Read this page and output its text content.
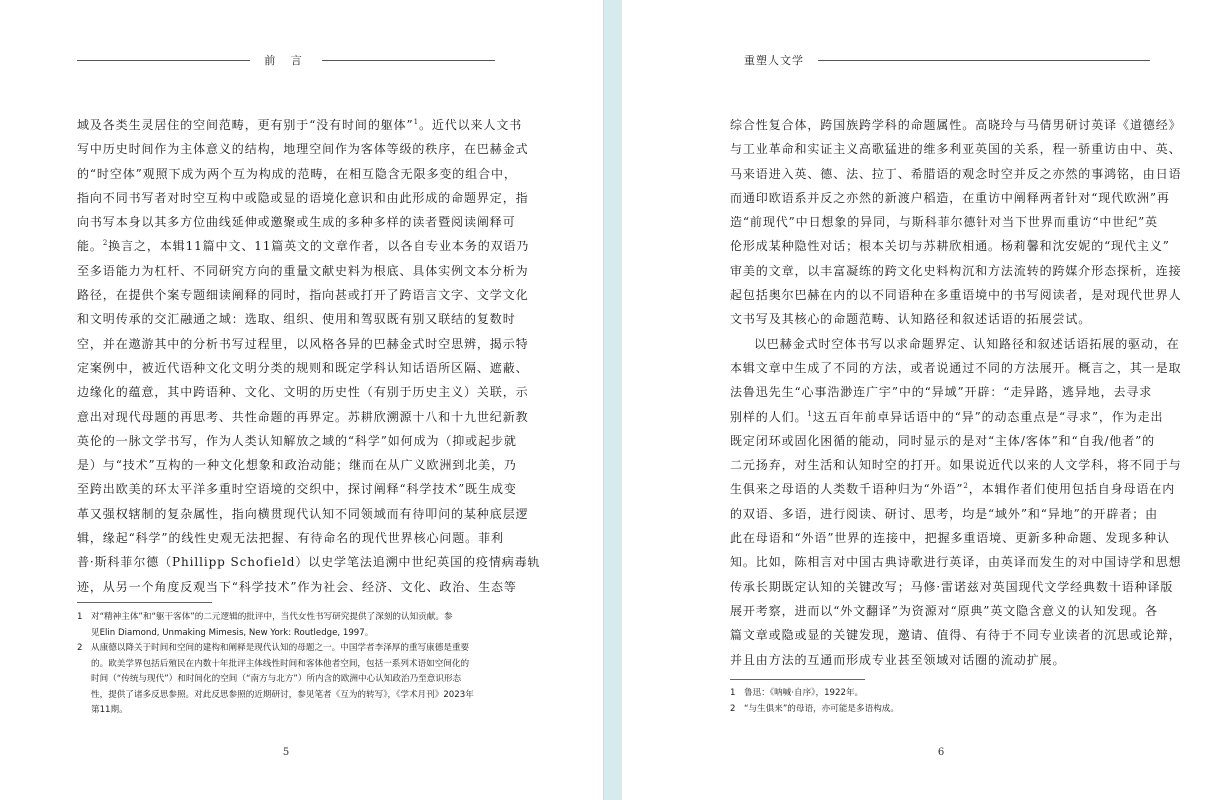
前 言
域及各类生灵居住的空间范畴，更有别于“没有时间的躯体”$^1$。近代以来人文书
写中历史时间作为主体意义的结构，地理空间作为客体等级的秩序，在巴赫金式
的“时空体”观照下成为两个互为构成的范畴，在相互隐含无限多变的组合中，
指向不同书写者对时空互构中或隐或显的语境化意识和由此形成的命题界定，指
向书写本身以其多方位曲线延伸或邀聚或生成的多种多样的读者暨阅读阐释可
能。$^2$换言之，本辑11篇中文、11篇英文的文章作者，以各自专业本务的双语乃
至多语能力为杠杆、不同研究方向的重量文献史料为根底、具体实例文本分析为
路径，在提供个案专题细读阐释的同时，指向甚或打开了跨语言文字、文学文化
和文明传承的交汇融通之域：选取、组织、使用和驾驭既有别又联结的复数时
空，并在遨游其中的分析书写过程里，以风格各异的巴赫金式时空思辨，揭示特
定案例中，被近代语种文化文明分类的规则和既定学科认知话语所区隔、遮蔽、
边缘化的蕴意，其中跨语种、文化、文明的历史性（有别于历史主义）关联，示
意出对现代母题的再思考、共性命题的再界定。苏耕欣溯源十八和十九世纪新教
英伦的一脉文学书写，作为人类认知解放之域的“科学”如何成为（抑或起步就
是）与“技术”互构的一种文化想象和政治动能；继而在从广义欧洲到北美，乃
至跨出欧美的环太平洋多重时空语境的交织中，探讨阐释“科学技术”既生成变
革又强权辖制的复杂属性，指向横贯现代认知不同领域而有待叩问的某种底层逻
辑，缘起“科学”的线性史观无法把握、有待命名的现代世界核心问题。菲利
普·斯科菲尔德（Phillipp Schofield）以史学笔法追溯中世纪英国的疫情病毒轨
迹，从另一个角度反观当下“科学技术”作为社会、经济、文化、政治、生态等
1 对“精神主体”和“躯干客体”的二元逻辑的批评中，当代女性书写研究提供了深刻的认知贡献。参
见Elin Diamond, Unmaking Mimesis, New York: Routledge, 1997。
2 从康德以降关于时间和空间的建构和阐释是现代认知的母题之一。中国学者李泽厚的重写康德是重要
的。欧美学界包括后殖民在内数十年批评主体线性时间和客体他者空间，包括一系列术语如空间化的
时间（“传统与现代”）和时间化的空间（“南方与北方”）所内含的欧洲中心认知政治乃至意识形态
性，提供了诸多反思参照。对此反思参照的近期研讨，参见笔者《互为的转写》，《学术月刊》2023年
第11期。
5
重塑人文学
综合性复合体，跨国族跨学科的命题属性。高晓玲与马倩男研讨英译《道德经》
与工业革命和实证主义高歌猛进的维多利亚英国的关系，程一骄重访由中、英、
马来语进入英、德、法、拉丁、希腊语的观念时空并反之亦然的事鸿铭，由日语
而通印欧语系并反之亦然的新渡户稻造，在重访中阐释两者针对“现代欧洲”再
造“前现代”中日想象的异同，与斯科菲尔德针对当下世界而重访“中世纪”英
伦形成某种隐性对话；根本关切与苏耕欣相通。杨莉馨和沈安妮的“现代主义”
审美的文章，以丰富凝练的跨文化史料构沉和方法流转的跨媒介形态探析，连接
起包括奥尔巴赫在内的以不同语种在多重语境中的书写阅读者，是对现代世界人
文书写及其核心的命题范畴、认知路径和叙述话语的拓展尝试。
以巴赫金式时空体书写以求命题界定、认知路径和叙述话语拓展的驱动，在
本辑文章中生成了不同的方法，或者说通过不同的方法展开。概言之，其一是取
法鲁迅先生“心事浩渺连广宇”中的“异域”开辟：“走异路，逃异地，去寻求
别样的人们。$^1$这五百年前卓异话语中的“异”的动态重点是“寻求”，作为走出
既定闭环或固化困循的能动，同时显示的是对“主体/客体”和“自我/他者”的
二元扬弃，对生活和认知时空的打开。如果说近代以来的人文学科，将不同于与
生俱来之母语的人类数千语种归为“外语”$^2$，本辑作者们使用包括自身母语在内
的双语、多语，进行阅读、研讨、思考，均是“域外”和“异地”的开辟者；由
此在母语和“外语”世界的连接中，把握多重语境、更新多种命题、发现多种认
知。比如，陈相言对中国古典诗歌进行英译，由英译而发生的对中国诗学和思想
传承长期既定认知的关键改写；马修·雷诺兹对英国现代文学经典数十语种译版
展开考察，进而以“外文翻译”为资源对“原典”英文隐含意义的认知发现。各
篇文章或隐或显的关键发现，邀请、值得、有待于不同专业读者的沉思或论辩，
并且由方法的互通而形成专业甚至领域对话圈的流动扩展。
1 鲁迅：《呐喊·自序》，1922年。
2 “与生俱来”的母语，亦可能是多语构成。
6
